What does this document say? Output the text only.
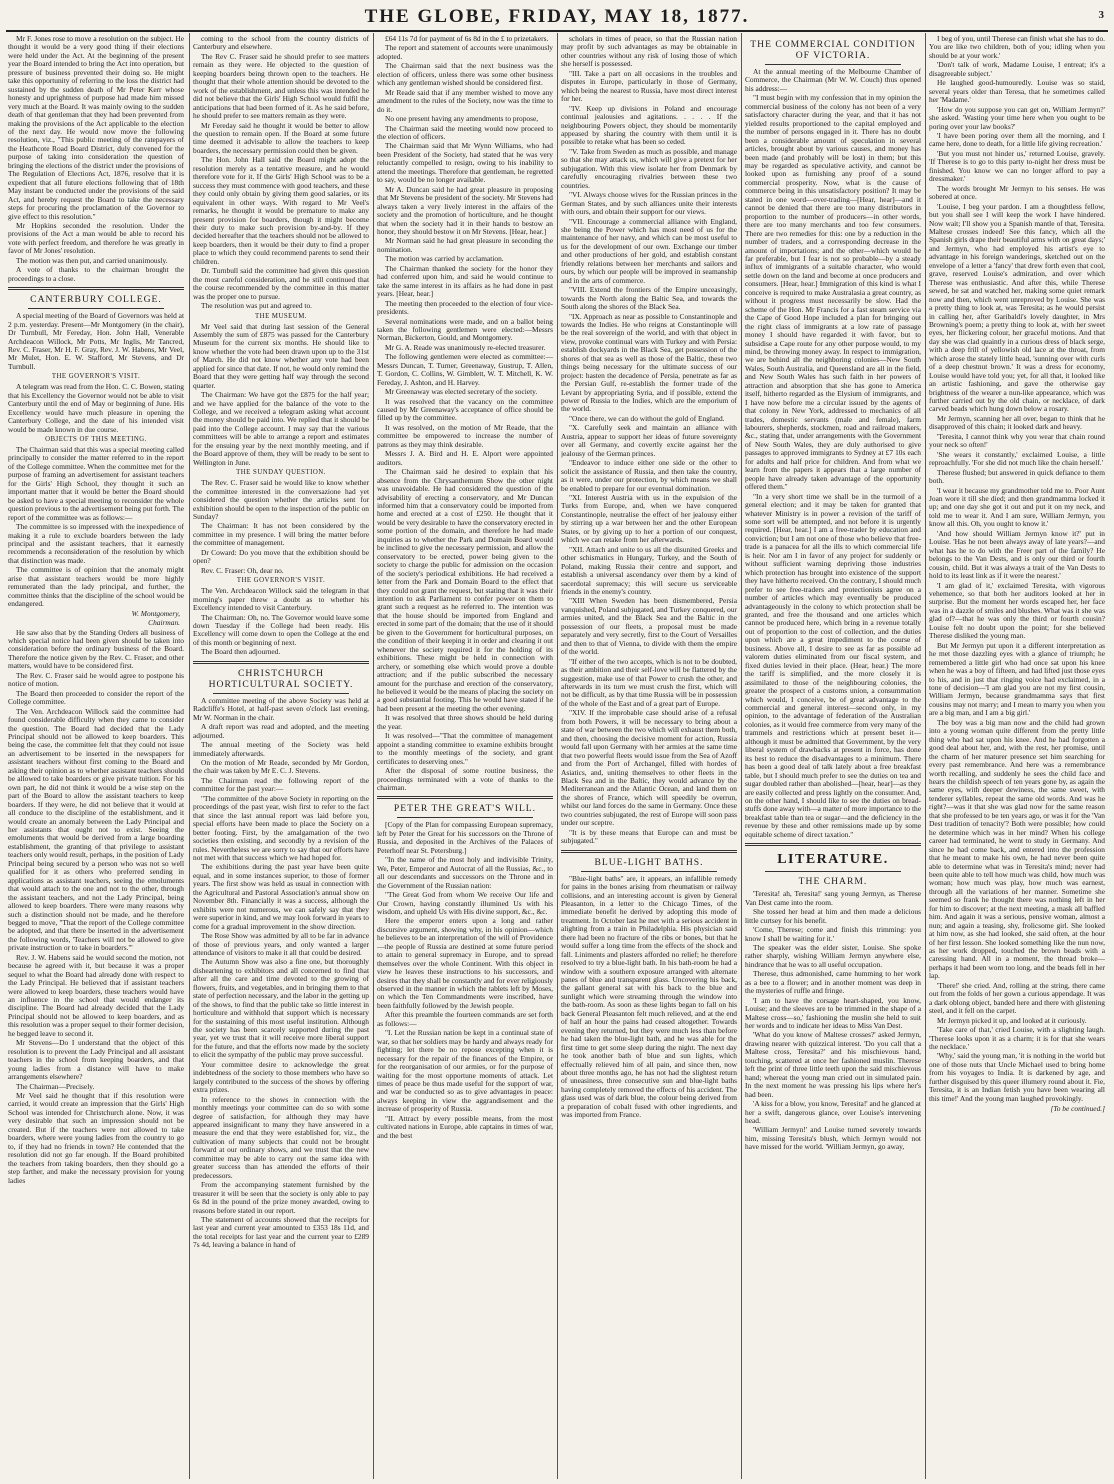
THE GLOBE, FRIDAY, MAY 18, 1877.	3

Mr F. Jones rose to move a resolution on the subject. He thought it would be a very good thing if their elections were held under the Act. At the beginning of the present year the Board intended to bring the Act into operation, but pressure of business prevented their doing so. He might take this opportunity of referring to the loss the district had sustained by the sudden death of Mr Peter Kerr whose honesty and uprightness of purpose had made him missed very much at the Board. It was mainly owing to the sudden death of that gentleman that they had been prevented from making the provisions of the Act applicable to the election of the next day. He would now move the following resolution, viz., "This public meeting of the ratepayers of the Heathcote Road Board District, duly convened for the purpose of taking into consideration the question of bringing the elections of the district under the provisions of The Regulation of Elections Act, 1876, resolve that it is expedient that all future elections following that of 18th May instant be conducted under the provisions of the said Act, and hereby request the Board to take the necessary steps for procuring the proclamation of the Governor to give effect to this resolution."

Mr Hopkins seconded the resolution. Under the provisions of the Act a man would be able to record his vote with perfect freedom, and therefore he was greatly in favor of Mr Jones' resolution.

The motion was then put, and carried unanimously.

A vote of thanks to the chairman brought the proceedings to a close.

CANTERBURY COLLEGE.

A special meeting of the Board of Governors was held at 2 p.m. yesterday. Present—Mr Montgomery (in the chair), Dr Turnbull, Mr Fereday, Hon. John Hall, Venerable Archdeacon Willock, Mr Potts, Mr Inglis, Mr Tancred, Rev. C. Fraser, Mr H. F. Gray, Rev. J. W. Habens, Mr Veel, Mr Mulet, Hon. E. W. Stafford, Mr Stevens, and Dr Turnbull.

THE GOVERNOR'S VISIT.

A telegram was read from the Hon. C. C. Bowen, stating that his Excellency the Governor would not be able to visit Canterbury until the end of May or beginning of June. His Excellency would have much pleasure in opening the Canterbury College, and the date of his intended visit would be made known in due course.

OBJECTS OF THIS MEETING.

The Chairman said that this was a special meeting called principally to consider the matter referred to in the report of the College committee. When the committee met for the purpose of framing an advertisement for assistant teachers for the Girls' High School, they thought it such an important matter that it would be better the Board should be asked to have a special meeting to reconsider the whole question previous to the advertisement being put forth. The report of the committee was as follows:—

The committee is so impressed with the inexpedience of making it a rule to exclude boarders between the lady principal and the assistant teachers, that it earnestly recommends a reconsideration of the resolution by which that distinction was made.

The committee is of opinion that the anomaly might arise that assistant teachers would be more highly remunerated than the lady principal, and further, the committee thinks that the discipline of the school would be endangered.

W. Montgomery,
Chairman.

He saw also that by the Standing Orders all business of which special notice had been given should be taken into consideration before the ordinary business of the Board. Therefore the notice given by the Rev. C. Fraser, and other matters, would have to be considered first.

The Rev. C. Fraser said he would agree to postpone his notice of motion.

The Board then proceeded to consider the report of the College committee.

The Ven. Archdeacon Willock said the committee had found considerable difficulty when they came to consider the question. The Board had decided that the Lady Principal should not be allowed to keep boarders. This being the case, the committee felt that they could not issue an advertisement to be inserted in the newspapers for assistant teachers without first coming to the Board and asking their opinion as to whether assistant teachers should be allowed to take boarders or give private tuition. For his own part, he did not think it would be a wise step on the part of the Board to allow the assistant teachers to keep boarders. If they were, he did not believe that it would at all conduce to the discipline of the establishment, and it would create an anomaly between the Lady Principal and her assistants that ought not to exist. Seeing the emoluments that would be derived from a large boarding establishment, the granting of that privilege to assistant teachers only would result, perhaps, in the position of Lady Principal being secured by a person who was not so well qualified for it as others who preferred sending in applications as assistant teachers, seeing the emoluments that would attach to the one and not to the other, through the assistant teachers, and not the Lady Principal, being allowed to keep boarders. There were many reasons why such a distinction should not be made, and he therefore begged to move, "That the report of the College committee be adopted, and that there be inserted in the advertisement the following words, 'Teachers will not be allowed to give private instruction or to take in boarders.'"

Rev. J. W. Habens said he would second the motion, not because he agreed with it, but because it was a proper sequel to what the Board had already done with respect to the Lady Principal. He believed that if assistant teachers were allowed to keep boarders, these teachers would have an influence in the school that would endanger its discipline. The Board had already decided that the Lady Principal should not be allowed to keep boarders, and as this resolution was a proper sequel to their former decision, he begged leave to second it.

Mr Stevens—Do I understand that the object of this resolution is to prevent the Lady Principal and all assistant teachers in the school from keeping boarders, and that young ladies from a distance will have to make arrangements elsewhere?

The Chairman—Precisely.

Mr Veel said he thought that if this resolution were carried, it would create an impression that the Girls' High School was intended for Christchurch alone. Now, it was very desirable that such an impression should not be created. But if the teachers were not allowed to take boarders, where were young ladies from the country to go to, if they had no friends in town? He contended that the resolution did not go far enough. If the Board prohibited the teachers from taking boarders, then they should go a step farther, and make the necessary provision for young ladies

coming to the school from the country districts of Canterbury and elsewhere.

The Rev C. Fraser said he should prefer to see matters remain as they were. He objected to the question of keeping boarders being thrown open to the teachers. He thought that their whole attention should be devoted to the work of the establishment, and unless this was intended he did not believe that the Girls' High School would fulfil the anticipations that had been formed of it. As he said before, he should prefer to see matters remain as they were.

Mr Fereday said he thought it would be better to allow the question to remain open. If the Board at some future time deemed it advisable to allow the teachers to keep boarders, the necessary permission could then be given.

The Hon. John Hall said the Board might adopt the resolution merely as a tentative measure, and he would therefore vote for it. If the Girls' High School was to be a success they must commence with good teachers, and these they could only obtain by giving them good salaries, or its equivalent in other ways. With regard to Mr Veel's remarks, he thought it would be premature to make any present provision for boarders, though it might become their duty to make such provision by-and-by. If they decided hereafter that the teachers should not be allowed to keep boarders, then it would be their duty to find a proper place to which they could recommend parents to send their children.

Dr. Turnbull said the committee had given this question the most careful consideration, and he still continued that the course recommended by the committee in this matter was the proper one to pursue.

The resolution was put and agreed to.

THE MUSEUM.

Mr Veel said that during last session of the General Assembly the sum of £875 was passed for the Canterbury Museum for the current six months. He should like to know whether the vote had been drawn upon up to the 31st of March. He did not know whether any vote had been applied for since that date. If not, he would only remind the Board that they were getting half way through the second quarter.

The Chairman: We have got the £875 for the half year; and we have applied for the balance of the vote to the College, and we received a telegram asking what account the money should be paid into. We replied that it should be paid into the College account. I may say that the various committees will be able to arrange a report and estimates for the ensuing year by the next monthly meeting, and if the Board approve of them, they will be ready to be sent to Wellington in June.

THE SUNDAY QUESTION.

The Rev. C. Fraser said he would like to know whether the committee interested in the conversazione had yet considered the question whether the articles sent for exhibition should be open to the inspection of the public on Sunday?

The Chairman: It has not been considered by the committee in my presence. I will bring the matter before the committee of management.

Dr Coward: Do you move that the exhibition should be open?

Rev. C. Fraser: Oh, dear no.

THE GOVERNOR'S VISIT.

The Ven. Archdeacon Willock said the telegram in that morning's paper threw a doubt as to whether his Excellency intended to visit Canterbury.

The Chairman: Oh, no. The Governor would leave some down Tuesday if the College had been ready. His Excellency will come down to open the College at the end of this month or beginning of next.

The Board then adjourned.

CHRISTCHURCH HORTICULTURAL SOCIETY.

A committee meeting of the above Society was held at Radcliffe's Hotel, at half-past seven o'clock last evening, Mr W. Norman in the chair.

A draft report was read and adopted, and the meeting adjourned.

The annual meeting of the Society was held immediately afterwards.

On the motion of Mr Reade, seconded by Mr Gordon, the chair was taken by Mr E. C. J. Stevens.

The Chairman read the following report of the committee for the past year:—

"The committee of the above Society in reporting on the proceedings of the past year, wish first to refer to the fact that since the last annual report was laid before you, special efforts have been made to place the Society on a better footing. First, by the amalgamation of the two societies then existing, and secondly by a revision of the rules. Nevertheless we are sorry to say that our efforts have not met with that success which we had hoped for.

The exhibitions during the past year have been quite equal, and in some instances superior, to those of former years. The first show was held as usual in connection with the Agricultural and Pastoral Association's annual show on November 8th. Financially it was a success, although the exhibits were not numerous, we can safely say that they were superior in kind, and we may look forward in years to come for a gradual improvement in the show direction.

The Rose Show was admitted by all to be far in advance of those of previous years, and only wanted a larger attendance of visitors to make it all that could be desired.

The Autumn Show was also a fine one, but thoroughly disheartening to exhibitors and all concerned to find that after all the care and time devoted to the growing of flowers, fruits, and vegetables, and in bringing them to that state of perfection necessary, and the labor in the getting up of the shows, to find that the public take so little interest in horticulture and withhold that support which is necessary for the sustaining of this most useful institution. Although the society has been scarcely supported during the past year, yet we trust that it will receive more liberal support for the future, and that the efforts now made by the society to elicit the sympathy of the public may prove successful.

Your committee desire to acknowledge the great indebtedness of the society to those members who have so largely contributed to the success of the shows by offering extra prizes.

In reference to the shows in connection with the monthly meetings your committee can do so with some degree of satisfaction, for although they may have appeared insignificant to many they have answered in a measure the end that they were established for, viz., the cultivation of many subjects that could not be brought forward at our ordinary shows, and we trust that the new committee may be able to carry out the same idea with greater success than has attended the efforts of their predecessors.

From the accompanying statement furnished by the treasurer it will be seen that the society is only able to pay 6s 8d in the pound of the prize money awarded, owing to reasons before stated in our report.

The statement of accounts showed that the receipts for last year and current year amounted to £353 18s 11d, and the total receipts for last year and the current year to £289 7s 4d, leaving a balance in hand of

£64 11s 7d for payment of 6s 8d in the £ to prizetakers.

The report and statement of accounts were unanimously adopted.

The Chairman said that the next business was the election of officers, unless there was some other business which any gentleman wished should be considered first.

Mr Reade said that if any member wished to move any amendment to the rules of the Society, now was the time to do it.

No one present having any amendments to propose,

The Chairman said the meeting would now proceed to the election of officers.

The Chairman said that Mr Wynn Williams, who had been President of the Society, had stated that he was very reluctantly compelled to resign, owing to his inability to attend the meetings. Therefore that gentleman, he regretted to say, would be no longer available.

Mr A. Duncan said he had great pleasure in proposing that Mr Stevens be president of the society. Mr Stevens had always taken a very lively interest in the affairs of the society and the promotion of horticulture, and he thought that when the society had it in their hands to bestow an honor, they should bestow it on Mr Stevens. [Hear, hear.]

Mr Norman said he had great pleasure in seconding the nomination.

The motion was carried by acclamation.

The Chairman thanked the society for the honor they had conferred upon him, and said he would continue to take the same interest in its affairs as he had done in past years. [Hear, hear.]

The meeting then proceeded to the election of four vice-presidents.

Several nominations were made, and on a ballot being taken the following gentlemen were elected:—Messrs Norman, Bickerton, Gould, and Montgomery.

Mr G. A. Reade was unanimously re-elected treasurer.

The following gentlemen were elected as committee:—Messrs Duncan, T. Turner, Greenaway, Gustrup, T. Allen, T. Gordon, C. Collins, W. Gimblett, W. T. Mitchell, K. W. Fereday, J. Ashton, and H. Harvey.

Mr Greenaway was elected secretary of the society.

It was resolved that the vacancy on the committee caused by Mr Greenaway's acceptance of office should be filled up by the committee.

It was resolved, on the motion of Mr Reade, that the committee be empowered to increase the number of patrons as they may think desirable.

Messrs J. A. Bird and H. E. Alport were appointed auditors.

The Chairman said he desired to explain that his absence from the Chrysanthemum Show the other night was unavoidable. He had considered the question of the advisability of erecting a conservatory, and Mr Duncan informed him that a conservatory could be imported from home and erected at a cost of £250. He thought that it would be very desirable to have the conservatory erected in some portion of the domain, and therefore he had made inquiries as to whether the Park and Domain Board would be inclined to give the necessary permission, and allow the conservatory to be erected, power being given to the society to charge the public for admission on the occasion of the society's periodical exhibitions. He had received a letter from the Park and Domain Board to the effect that they could not grant the request, but stating that it was their intention to ask Parliament to confer power on them to grant such a request as he referred to. The intention was that the house should be imported from England and erected in some part of the domain; that the use of it should be given to the Government for horticultural purposes, on the condition of their keeping it in order and clearing it out whenever the society required it for the holding of its exhibitions. These might be held in connection with archery, or something else which would prove a double attraction; and if the public subscribed the necessary amount for the purchase and erection of the conservatory, he believed it would be the means of placing the society on a good substantial footing. This he would have stated if he had been present at the meeting the other evening.

It was resolved that three shows should be held during the year.

It was resolved—"That the committee of management appoint a standing committee to examine exhibits brought to the monthly meetings of the society, and grant certificates to deserving ones."

After the disposal of some routine business, the proceedings terminated with a vote of thanks to the chairman.

PETER THE GREAT'S WILL.

[Copy of the Plan for compassing European supremacy, left by Peter the Great for his successors on the Throne of Russia, and deposited in the Archives of the Palaces of Peterhoff near St. Petersburg.]

"In the name of the most holy and indivisible Trinity, We, Peter, Emperor and Autocrat of all the Russias, &c., to all our descendants and successors on the Throne and in the Government of the Russian nation:

"The Great God from whom We receive Our life and Our Crown, having constantly illumined Us with his wisdom, and upheld Us with His divine support, &c., &c.

Here the emperor enters upon a long and rather discursive argument, showing why, in his opinion—which he believes to be an interpretation of the will of Providence—the people of Russia are destined at some future period to attain to general supremacy in Europe, and to spread themselves over the whole Continent. With this object in view he leaves these instructions to his successors, and desires that they shall be constantly and for ever religiously observed in the manner in which the tablets left by Moses, on which the Ten Commandments were inscribed, have been faithfully followed by the Jewish people.

After this preamble the fourteen commands are set forth as follows:—

"I. Let the Russian nation be kept in a continual state of war, so that her soldiers may be hardy and always ready for fighting; let there be no repose excepting when it is necessary for the repair of the finances of the Empire, or for the reorganisation of our armies, or for the purpose of waiting for the most opportune moments of attack. Let times of peace be thus made useful for the support of war, and war be conducted so as to give advantages in peace: always keeping in view the aggrandisement and the increase of prosperity of Russia.

"II. Attract by every possible means, from the most cultivated nations in Europe, able captains in times of war, and the best

scholars in times of peace, so that the Russian nation may profit by such advantages as may be obtainable in other countries without any risk of losing those of which she herself is possessed.

"III. Take a part on all occasions in the troubles and disputes in Europe, particularly in those of Germany, which being the nearest to Russia, have most direct interest for her.

"IV. Keep up divisions in Poland and encourage continual jealousies and agitations. . . . . If the neighbouring Powers object, they should be momentarily appeased by sharing the country with them until it is possible to retake what has been so ceded.

"V. Take from Sweden as much as possible, and manage so that she may attack us, which will give a pretext for her subjugation. With this view isolate her from Denmark by carefully encouraging rivalries between these two countries.

"VI. Always choose wives for the Russian princes in the German States, and by such alliances unite their interests with ours, and obtain their support for our views.

"VII. Encourage a commercial alliance with England, she being the Power which has most need of us for the maintenance of her navy, and which can be most useful to us for the development of our own. Exchange our timber and other productions of her gold, and establish constant friendly relations between her merchants and sailors and ours, by which our people will be improved in seamanship and in the arts of commerce.

"VIII. Extend the frontiers of the Empire unceasingly, towards the North along the Baltic Sea, and towards the South along the shores of the Black Sea.

"IX. Approach as near as possible to Constantinople and towards the Indies. He who reigns at Constantinople will be the real sovereign of the world, and with that object in view, provoke continual wars with Turkey and with Persia: establish dockyards in the Black Sea, get possession of the shores of that sea as well as those of the Baltic, these two things being necessary for the ultimate success of our project: hasten the decadence of Persia, penetrate as far as the Persian Gulf, re-establish the former trade of the Levant by appropriating Syria, and if possible, extend the power of Russia to the Indies, which are the emporium of the world.

"Once there, we can do without the gold of England.

"X. Carefully seek and maintain an alliance with Austria, appear to support her ideas of future sovereignty over all Germany, and covertly excite against her the jealousy of the German princes.

"Endeavor to induce either one side or the other to solicit the assistance of Russia, and then take the country, as it were, under our protection, by which means we shall be enabled to prepare for our eventual domination.

"XI. Interest Austria with us in the expulsion of the Turks from Europe, and, when we have conquered Constantinople, neutralise the effect of her jealousy either by stirring up a war between her and the other European States, or by giving up to her a portion of our conquest, which we can retake from her afterwards.

"XII. Attach and unite to us all the disunited Greeks and other schismatics in Hungary, Turkey, and the South of Poland, making Russia their centre and support, and establish a universal ascendancy over them by a kind of sacerdotal supremacy; this will secure us serviceable friends in the enemy's country.

"XIII When Sweden has been dismembered, Persia vanquished, Poland subjugated, and Turkey conquered, our armies united, and the Black Sea and the Baltic in the possession of our fleets, a proposal must be made separately and very secretly, first to the Court of Versailles and then to that of Vienna, to divide with them the empire of the world.

"If either of the two accepts, which is not to be doubted, as their ambition and their self-love will be flattered by the suggestion, make use of that Power to crush the other, and afterwards in its turn we must crush the first, which will not be difficult, as by that time Russia will be in possession of the whole of the East and of a great part of Europe.

"XIV. If the improbable case should arise of a refusal from both Powers, it will be necessary to bring about a state of war between the two which will exhaust them both, and then, choosing the decisive moment for action, Russia would fall upon Germany with her armies at the same time that two powerful fleets would issue from the Sea of Azoff and from the Port of Archangel, filled with hordes of Asiatics, and, uniting themselves to other fleets in the Black Sea and in the Baltic, they would advance by the Mediterranean and the Atlantic Ocean, and land them on the shores of France, which will speedily be overrun, whilst our land forces do the same in Germany. Once these two countries subjugated, the rest of Europe will soon pass under our sceptre.

"It is by these means that Europe can and must be subjugated."

BLUE-LIGHT BATHS.

"Blue-light baths" are, it appears, an infallible remedy for pains in the bones arising from rheumatism or railway collisions, and an interesting account is given by General Pleasanton, in a letter to the Chicago Times, of the immediate benefit he derived by adopting this mode of treatment. In October last he met with a serious accident in alighting from a train in Philadelphia. His physician said there had been no fracture of the ribs or bones, but that he would suffer a long time from the effects of the shock and fall. Liniments and plasters afforded no relief; he therefore resolved to try a blue-light bath. In his bath-room he had a window with a southern exposure arranged with alternate panes of blue and transparent glass. Uncovering his back, the gallant general sat with his back to the blue and sunlight which were streaming through the window into the bath-room. As soon as these lights began to fall on his back General Pleasanton felt much relieved, and at the end of half an hour the pains had ceased altogether. Towards evening they returned, but they were much less than before he had taken the blue-light bath, and he was able for the first time to get some sleep during the night. The next day he took another bath of blue and sun lights, which effectually relieved him of all pain, and since then, now about three months ago, he has not had the slightest return of uneasiness, three consecutive sun and blue-light baths having completely removed the effects of his accident. The glass used was of dark blue, the colour being derived from a preparation of cobalt fused with other ingredients, and was imported from France.

THE COMMERCIAL CONDITION OF VICTORIA.

At the annual meeting of the Melbourne Chamber of Commerce, the Chairman (Mr W. W. Couch) thus opened his address:—

"I must begin with my confession that in my opinion the commercial business of the colony has not been of a very satisfactory character during the year, and that it has not yielded results proportioned to the capital employed and the number of persons engaged in it. There has no doubt been a considerable amount of speculation in several articles, brought about by various causes, and money has been made (and probably will be lost) in them; but this may be regarded as speculative activity, and cannot be looked upon as furnishing any proof of a sound commercial prosperity. Now, what is the cause of commerce being in this unsatisfactory position? It may be stated in one word—over-trading—[Hear, hear]—and it cannot be denied that there are too many distributors in proportion to the number of producers—in other words, there are too many merchants and too few consumers. There are two remedies for this: one by a reduction in the number of traders, and a corresponding decrease in the amount of importations; and the other—which would be far preferable, but I fear is not so probable—by a steady influx of immigrants of a suitable character, who would settle down on the land and become at once producers and consumers. [Hear, hear.] Immigration of this kind is what I conceive is required to make Australasia a great country, as without it progress must necessarily be slow. Had the scheme of the Hon. Mr Francis for a fast steam service via the Cape of Good Hope included a plan for bringing out the right class of immigrants at a low rate of passage money I should have regarded it with favor, but to subsidise a Cape route for any other purpose would, to my mind, be throwing money away. In respect to immigration, we are behind all the neighboring colonies—New South Wales, South Australia, and Queensland are all in the field, and New South Wales has such faith in her powers of attraction and absorption that she has gone to America itself, hitherto regarded as the Elysium of immigrants, and I have now before me a circular issued by the agents of that colony in New York, addressed to mechanics of all trades, domestic servants (male and female), farm labourers, shepherds, stockmen, road and railroad makers, &c., stating that, under arrangements with the Government of New South Wales, they are duly authorised to give passages to approved immigrants to Sydney at £7 10s each for adults and half price for children. And from what we learn from the papers it appears that a large number of people have already taken advantage of the opportunity offered them."

"In a very short time we shall be in the turmoil of a general election; and it may be taken for granted that whatever Ministry is in power a revision of the tariff of some sort will be attempted, and not before it is urgently required. [Hear, hear.] I am a free-trader by education and conviction; but I am not one of those who believe that free-trade is a panacea for all the ills to which commercial life is heir. Nor am I in favor of any project for suddenly or without sufficient warning depriving those industries which protection has brought into existence of the support they have hitherto received. On the contrary, I should much prefer to see free-traders and protectionists agree on a number of articles which may eventually be produced advantageously in the colony to which protection shall be granted, and free the thousand and one articles which cannot be produced here, which bring in a revenue totally out of proportion to the cost of collection, and the duties upon which are a great impediment to the course of business. Above all, I desire to see as far as possible ad valorem duties eliminated from our fiscal system, and fixed duties levied in their place. (Hear, hear.) The more the tariff is simplified, and the more closely it is assimilated to those of the neighbouring colonies, the greater the prospect of a customs union, a consummation which would, I conceive, be of great advantage to the commercial and general interest—second only, in my opinion, to the advantage of federation of the Australian colonies, as it would free commerce from very many of the trammels and restrictions which at present beset it—although it must be admitted that Government, by the very liberal system of drawbacks at present in force, has done its best to reduce the disadvantages to a minimum. There has been a good deal of talk lately about a free breakfast table, but I should much prefer to see the duties on tea and sugar doubled rather than abolished—[hear, hear]—as they are easily collected and press lightly on the consumer. And, on the other hand, I should like to see the duties on bread-stuffs done away with—a matter of more importance to the breakfast table than tea or sugar—and the deficiency in the revenue by these and other remissions made up by some equitable scheme of direct taxation."

LITERATURE.
THE CHARM.

'Teresita! ah, Teresita!' sang young Jermyn, as Therese Van Dest came into the room.

She tossed her head at him and then made a delicious little curtsey for his benefit.

'Come, Therese; come and finish this trimming: you know I shall be waiting for it.'

The speaker was the elder sister, Louise. She spoke rather sharply, wishing William Jermyn anywhere else, hindrance that he was to all useful occupation.

Therese, thus admonished, came humming to her work as a bee to a flower; and in another moment was deep in the mysteries of ruffle and fringe.

'I am to have the corsage heart-shaped, you know, Louise; and the sleeves are to be trimmed in the shape of a Maltese cross—so,' fashioning the muslin she held to suit her words and to indicate her ideas to Miss Van Dest.

'What do you know of Maltese crosses?' asked Jermyn, drawing nearer with quizzical interest. 'Do you call that a Maltese cross, Teresita?' and his mischievous hand, touching, scattered at once her fashioned muslin. Therese left the print of three little teeth upon the said mischievous hand; whereat the young man cried out in simulated pain. In the next moment he was pressing his lips where her's had been.

'A kiss for a blow, you know, Teresita!' and he glanced at her a swift, dangerous glance, over Louise's intervening head.

'William Jermyn!' and Louise turned severely towards him, missing Teresita's blush, which Jermyn would not have missed for the world. 'William Jermyn, go away,

I beg of you, until Therese can finish what she has to do. You are like two children, both of you; idling when you should be at your work.'

'Don't talk of work, Madame Louise, I entreat; it's a disagreeable subject.'

He laughed good-humouredly. Louise was so staid, several years older than Teresa, that he sometimes called her 'Madame.'

'How do you suppose you can get on, William Jermyn?' she asked. 'Wasting your time here when you ought to be poring over your law books?'

'I have been poring over them all the morning, and I came here, done to death, for a little life giving recreation.'

'But you must not hinder us,' returned Louise, gravely. 'If Therese is to go to this party to-night her dress must be finished. You know we can no longer afford to pay a dressmaker.'

The words brought Mr Jermyn to his senses. He was sobered at once.

'Louise, I beg your pardon. I am a thoughtless fellow, but you shall see I will keep the work I have hindered. Now wait; I'll show you a Spanish mantle of that, Teresita. Maltese crosses indeed! See this fancy, which all the Spanish girls drape their beautiful arms with on great days;' and Jermyn, who had employed his artist's eye to advantage in his foreign wanderings, sketched out on the envelope of a letter a 'fancy' that drew forth even that cool, grave, reserved Louise's admiration, and over which Therese was enthusiastic. And after this, while Therese sewed, he sat and watched her, making some quiet remark now and then, which went unreproved by Louise. She was a pretty thing to look at, was Teresita; as he would persist in calling her, after Garibaldi's lovely daughter, in Mrs Browning's poem; a pretty thing to look at, with her sweet eyes, her flickering colour, her graceful motions. And that day she was clad quaintly in a curious dress of black serge, with a deep frill of yellowish old lace at the throat, from which arose the stately little head, 'sunning over with curls of a deep chestnut brown.' It was a dress for economy, Louise would have told you; yet, for all that, it looked like an artistic fashioning, and gave the otherwise gay brightness of the wearer a nun-like appearance, which was further carried out by the old chain, or necklace, of dark carved beads which hung down below a rosary.

Mr Jermyn, scanning her all over, began to think that he disapproved of this chain; it looked dark and heavy.

'Teresita, I cannot think why you wear that chain round your neck so often!'

'She wears it constantly,' exclaimed Louise, a little reproachfully. 'For she did not much like the chain herself.'

Therese flushed; but answered in quick defiance to them both.

'I wear it because my grandmother told me to. Poor Aunt Joan wore it till she died; and then grandmamma locked it up; and one day she got it out and put it on my neck, and told me to wear it. And I am sure, William Jermyn, you know all this. Oh, you ought to know it.'

'And how should William Jermyn know it?' put in Louise. 'Has he not been always away of late years?—and what has he to do with the Freer part of the family? He belongs to the Van Dests, and is only our third or fourth cousin, child. But it was always a trait of the Van Dests to hold to its least link as if it were the nearest.'

'I am glad of it,' exclaimed Teresita, with vigorous vehemence, so that both her auditors looked at her in surprise. But the moment her words escaped her, her face was in a dazzle of smiles and blushes. What was it she was glad of?—that he was only the third or fourth cousin? Louise felt no doubt upon the point; for she believed Therese disliked the young man.

But Mr Jermyn put upon it a different interpretation as he met those dazzling eyes with a glance of triumph; he remembered a little girl who had once sat upon his knee when he was a boy of fifteen, and had lifted just those eyes to his, and in just that ringing voice had exclaimed, in a tone of decision—'I am glad you are not my first cousin, William Jermyn, because grandmamma says that first cousins may not marry; and I mean to marry you when you are a big man, and I am a big girl.'

The boy was a big man now and the child had grown into a young woman quite different from the pretty little thing who had sat upon his knee. And he had forgotten a good deal about her, and, with the rest, her promise, until the charm of her maturer presence set him searching for every past remembrance. And here was a remembrance worth recalling, and suddenly he sees the child face and hears the childish speech of ten years gone by, as again the same eyes, with deeper dewiness, the same sweet, with tenderer syllables, repeat the same old words. And was he right?—was it that she was glad now for the same reason that she professed to be ten years ago, or was it for the 'Van Dest tradition of tenacity'? Both were possible; how could he determine which was in her mind? When his college career had terminated, he went to study in Germany. And since he had come back, and entered into the profession that he meant to make his own, he had never been quite able to determine what was in Teresita's mind; never had been quite able to tell how much was child, how much was woman; how much was play, how much was earnest, through all the variations of her manner. Sometime she seemed so frank he thought there was nothing left in her for him to discover; at the next meeting, a mask all baffled him. And again it was a serious, pensive woman, almost a nun; and again a teasing, shy, frolicsome girl. She looked at him now, as she had looked, she said often, at the hour of her first lesson. She looked something like the nun now, as her work dropped, touched the brown beads with a caressing hand. All in a moment, the thread broke—perhaps it had been worn too long, and the beads fell in her lap.

'There!' she cried. And, rolling at the string, there came out from the folds of her gown a curious appendage. It was a dark oblong object, banded here and there with glistening steel, and it fell on the carpet.

Mr Jermyn picked it up, and looked at it curiously.

'Take care of that,' cried Louise, with a slighting laugh. 'Therese looks upon it as a charm; it is for that she wears the necklace.'

'Why,' said the young man, 'it is nothing in the world but one of those nuts that Uncle Michael used to bring home from his voyages to India. It is darkened by age, and further disguised by this queer illumery round about it. Fie, Teresita, it is an Indian fetish you have been wearing all this time!' And the young man laughed provokingly.

[To be continued.]
